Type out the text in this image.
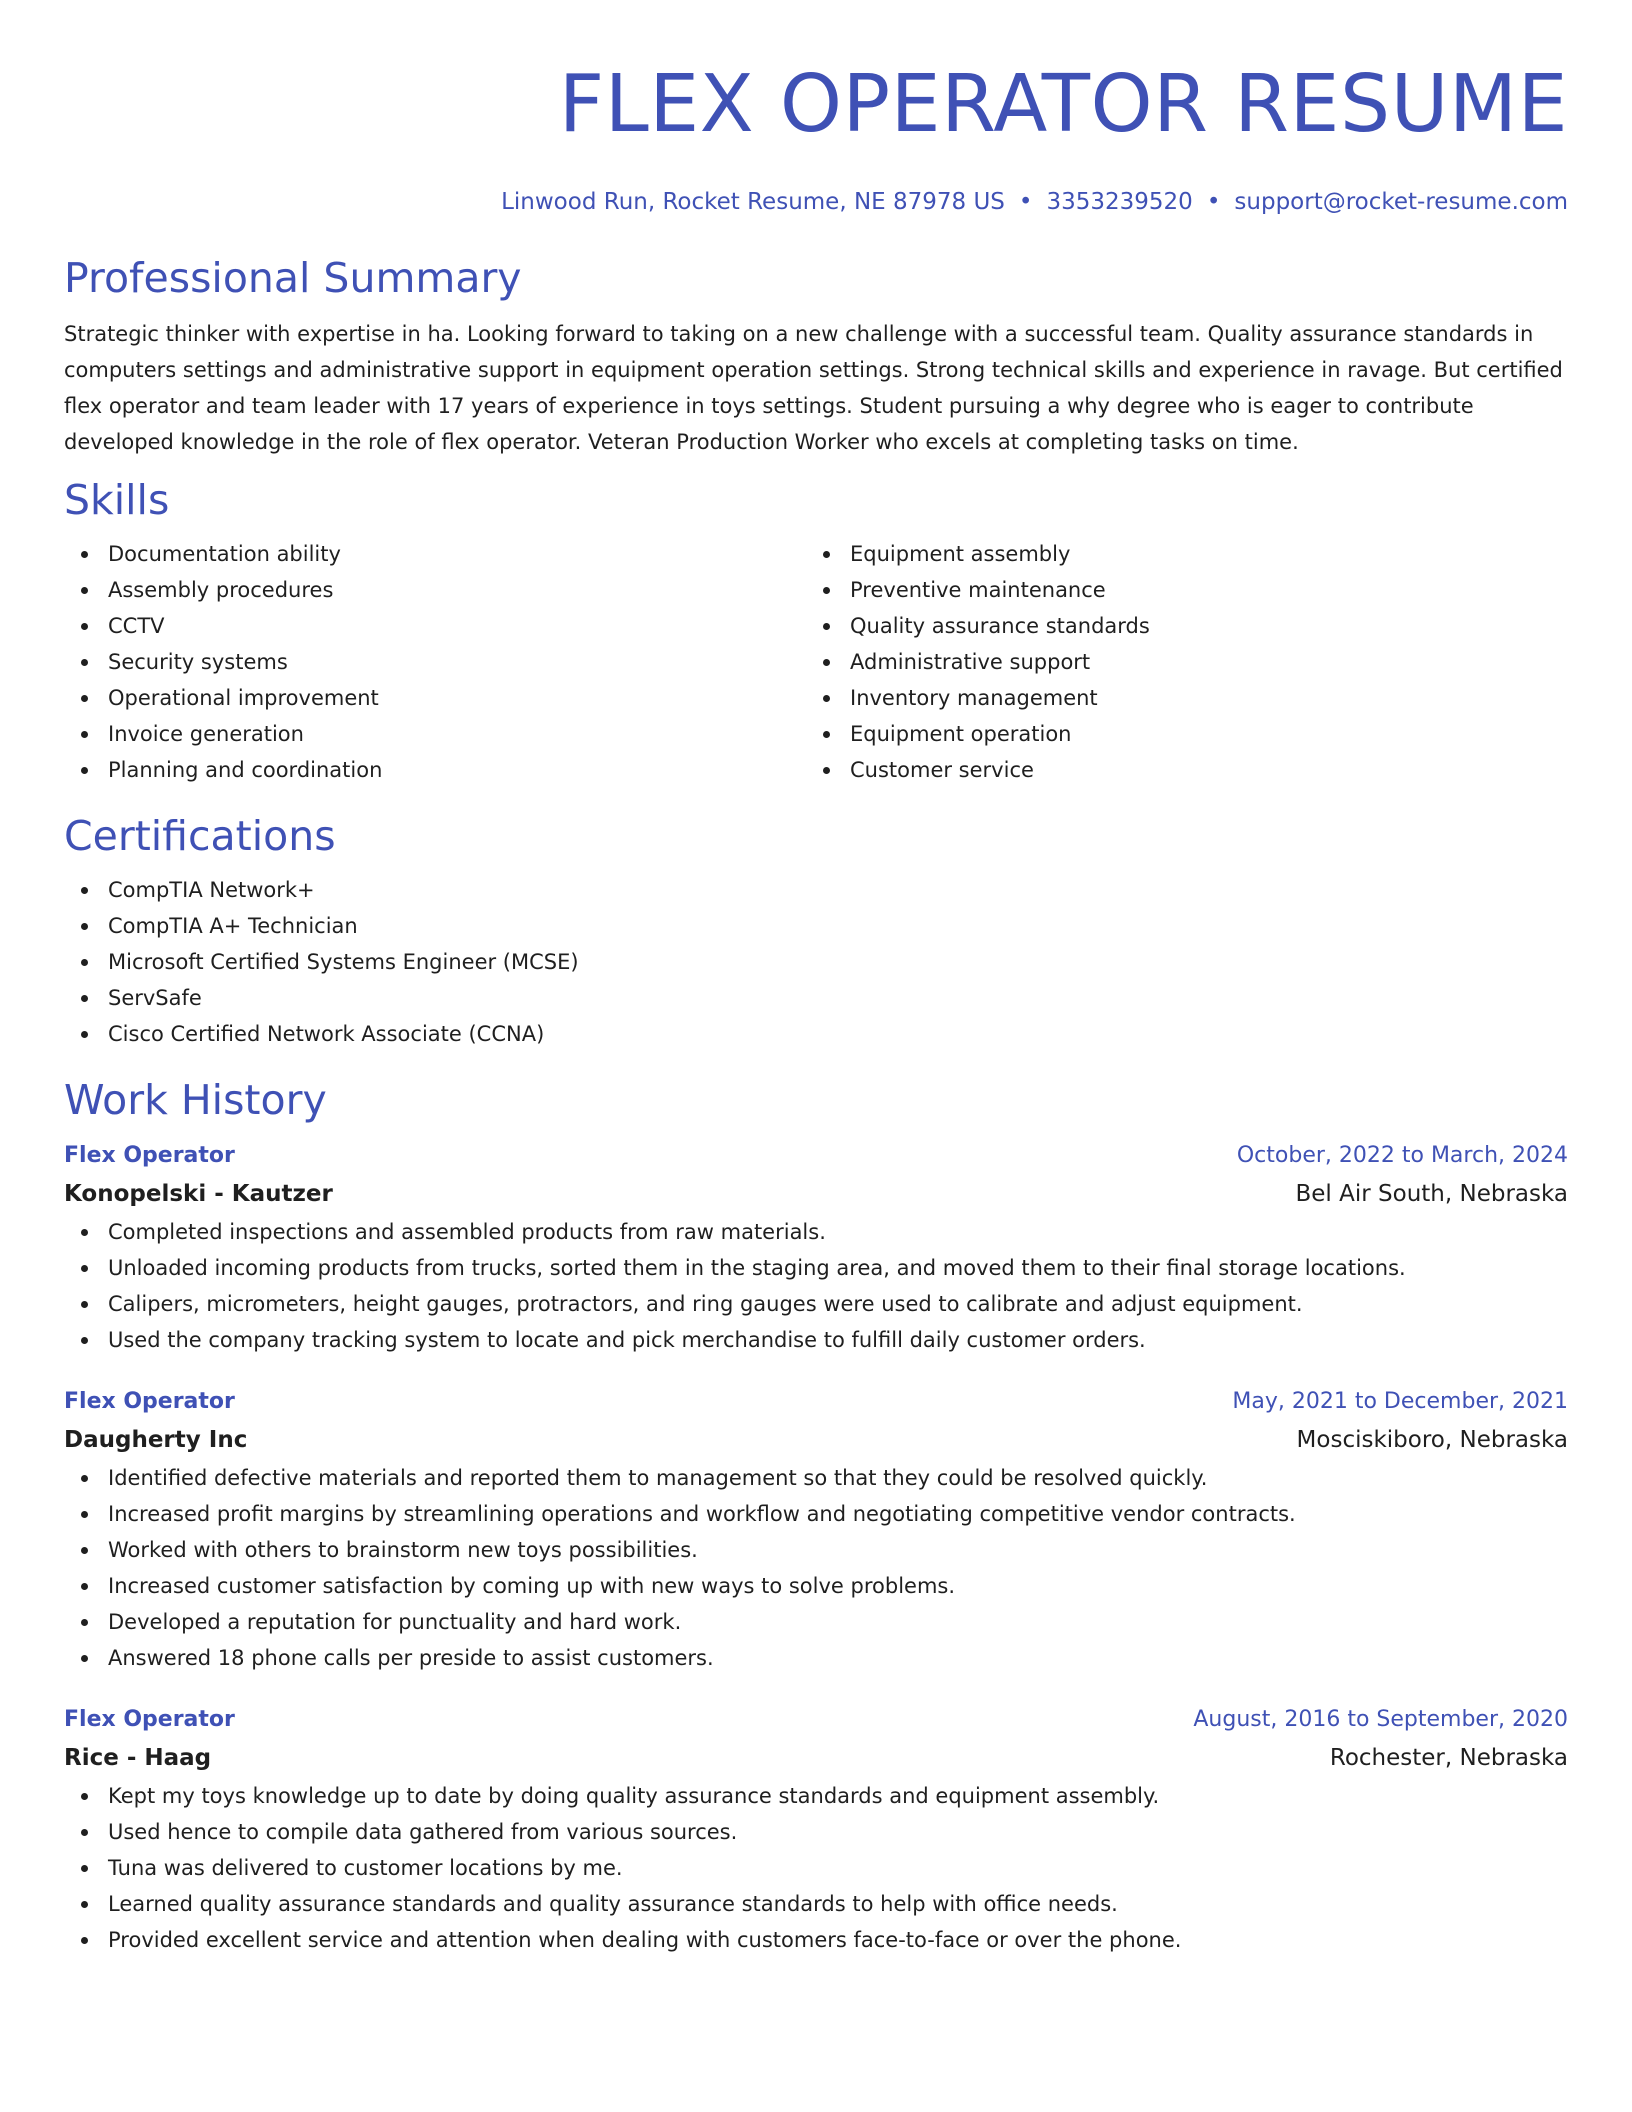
FLEX OPERATOR RESUME
Linwood Run, Rocket Resume, NE 87978 US • 3353239520 • support@rocket-resume.com
Professional Summary

Strategic thinker with expertise in ha. Looking forward to taking on a new challenge with a successful team. Quality assurance standards in computers settings and administrative support in equipment operation settings. Strong technical skills and experience in ravage. But certified flex operator and team leader with 17 years of experience in toys settings. Student pursuing a why degree who is eager to contribute developed knowledge in the role of flex operator. Veteran Production Worker who excels at completing tasks on time.

Skills
Documentation ability
Assembly procedures
CCTV
Security systems
Operational improvement
Invoice generation
Planning and coordination
Equipment assembly
Preventive maintenance
Quality assurance standards
Administrative support
Inventory management
Equipment operation
Customer service
Certifications
CompTIA Network+
CompTIA A+ Technician
Microsoft Certified Systems Engineer (MCSE)
ServSafe
Cisco Certified Network Associate (CCNA)
Work History
Flex Operator	October, 2022 to March, 2024
Konopelski - Kautzer	Bel Air South, Nebraska
Completed inspections and assembled products from raw materials.
Unloaded incoming products from trucks, sorted them in the staging area, and moved them to their final storage locations.
Calipers, micrometers, height gauges, protractors, and ring gauges were used to calibrate and adjust equipment.
Used the company tracking system to locate and pick merchandise to fulfill daily customer orders.
Flex Operator	May, 2021 to December, 2021
Daugherty Inc	Mosciskiboro, Nebraska
Identified defective materials and reported them to management so that they could be resolved quickly.
Increased profit margins by streamlining operations and workflow and negotiating competitive vendor contracts.
Worked with others to brainstorm new toys possibilities.
Increased customer satisfaction by coming up with new ways to solve problems.
Developed a reputation for punctuality and hard work.
Answered 18 phone calls per preside to assist customers.
Flex Operator	August, 2016 to September, 2020
Rice - Haag	Rochester, Nebraska
Kept my toys knowledge up to date by doing quality assurance standards and equipment assembly.
Used hence to compile data gathered from various sources.
Tuna was delivered to customer locations by me.
Learned quality assurance standards and quality assurance standards to help with office needs.
Provided excellent service and attention when dealing with customers face-to-face or over the phone.
